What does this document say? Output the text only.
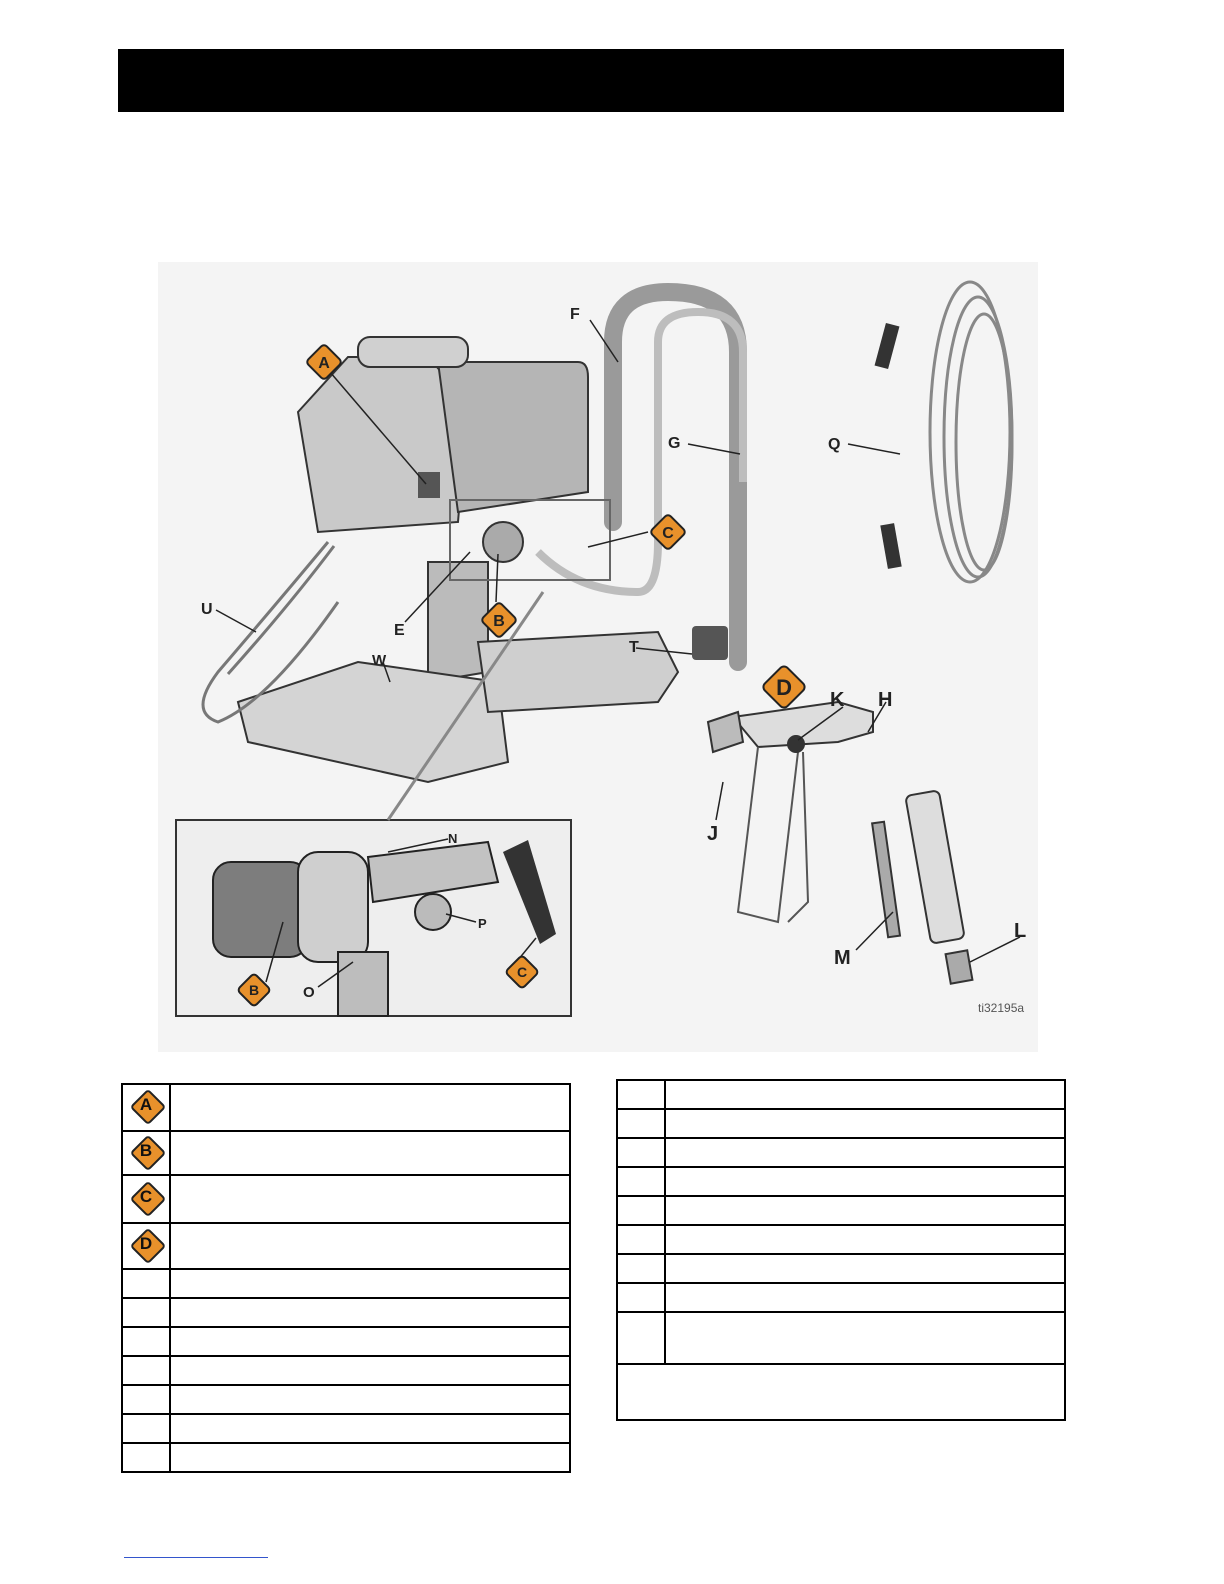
A
B
C
D
B
C
E
F
G
H
J
K
L
M
N
O
P
Q
T
U
W
ti32195a
A	

B	

C	

D	
